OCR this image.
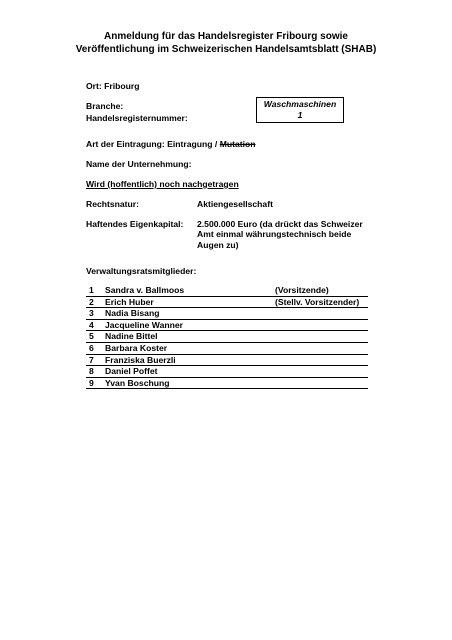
Anmeldung für das Handelsregister Fribourg sowie
Veröffentlichung im Schweizerischen Handelsamtsblatt (SHAB)
Ort: Fribourg
Branche:
Handelsregisternummer:
Waschmaschinen
1
Art der Eintragung: Eintragung / Mutation
Name der Unternehmung:
Wird (hoffentlich) noch nachgetragen
Rechtsnatur:	Aktiengesellschaft
Haftendes Eigenkapital: 2.500.000 Euro (da drückt das Schweizer Amt einmal währungstechnisch beide Augen zu)
Verwaltungsratsmitglieder:
1	Sandra v. Ballmoos	(Vorsitzende)
2	Erich Huber	(Stellv. Vorsitzender)
3	Nadia Bisang	
4	Jacqueline Wanner	
5	Nadine Bittel	
6	Barbara Koster	
7	Franziska Buerzli	
8	Daniel Poffet	
9	Yvan Boschung	
